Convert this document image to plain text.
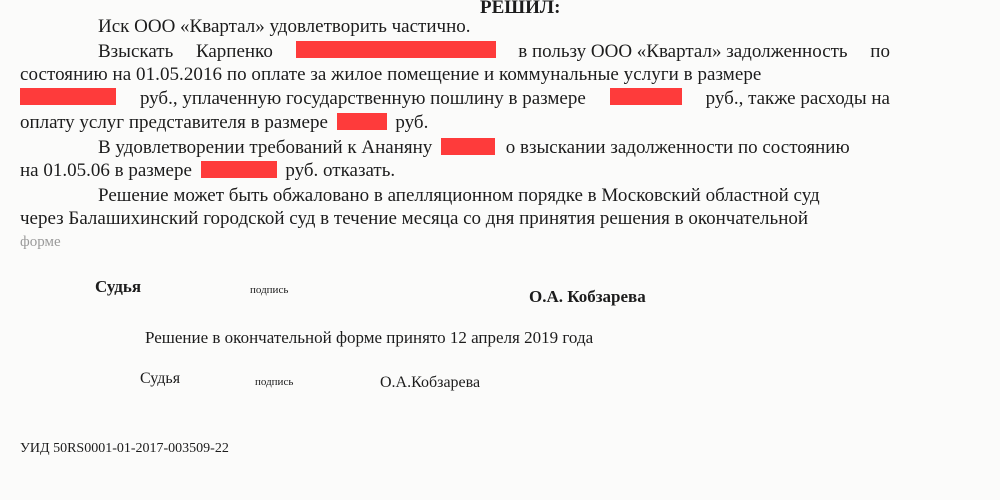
РЕШИЛ:
Иск ООО «Квартал» удовлетворить частично.
Взыскать Карпенко	в пользу ООО «Квартал» задолженность по
состоянию на 01.05.2016 по оплате за жилое помещение и коммунальные услуги в размере
руб., уплаченную государственную пошлину в размере	руб., также расходы на
оплату услуг представителя в размере	руб.
В удовлетворении требований к Ананяну	о взыскании задолженности по состоянию
на 01.05.06 в размере	руб. отказать.
Решение может быть обжаловано в апелляционном порядке в Московский областной суд
через Балашихинский городской суд в течение месяца со дня принятия решения в окончательной
форме
Судья	подпись	О.А. Кобзарева
Решение в окончательной форме принято 12 апреля 2019 года
Судья	подпись	О.А.Кобзарева
УИД 50RS0001-01-2017-003509-22
